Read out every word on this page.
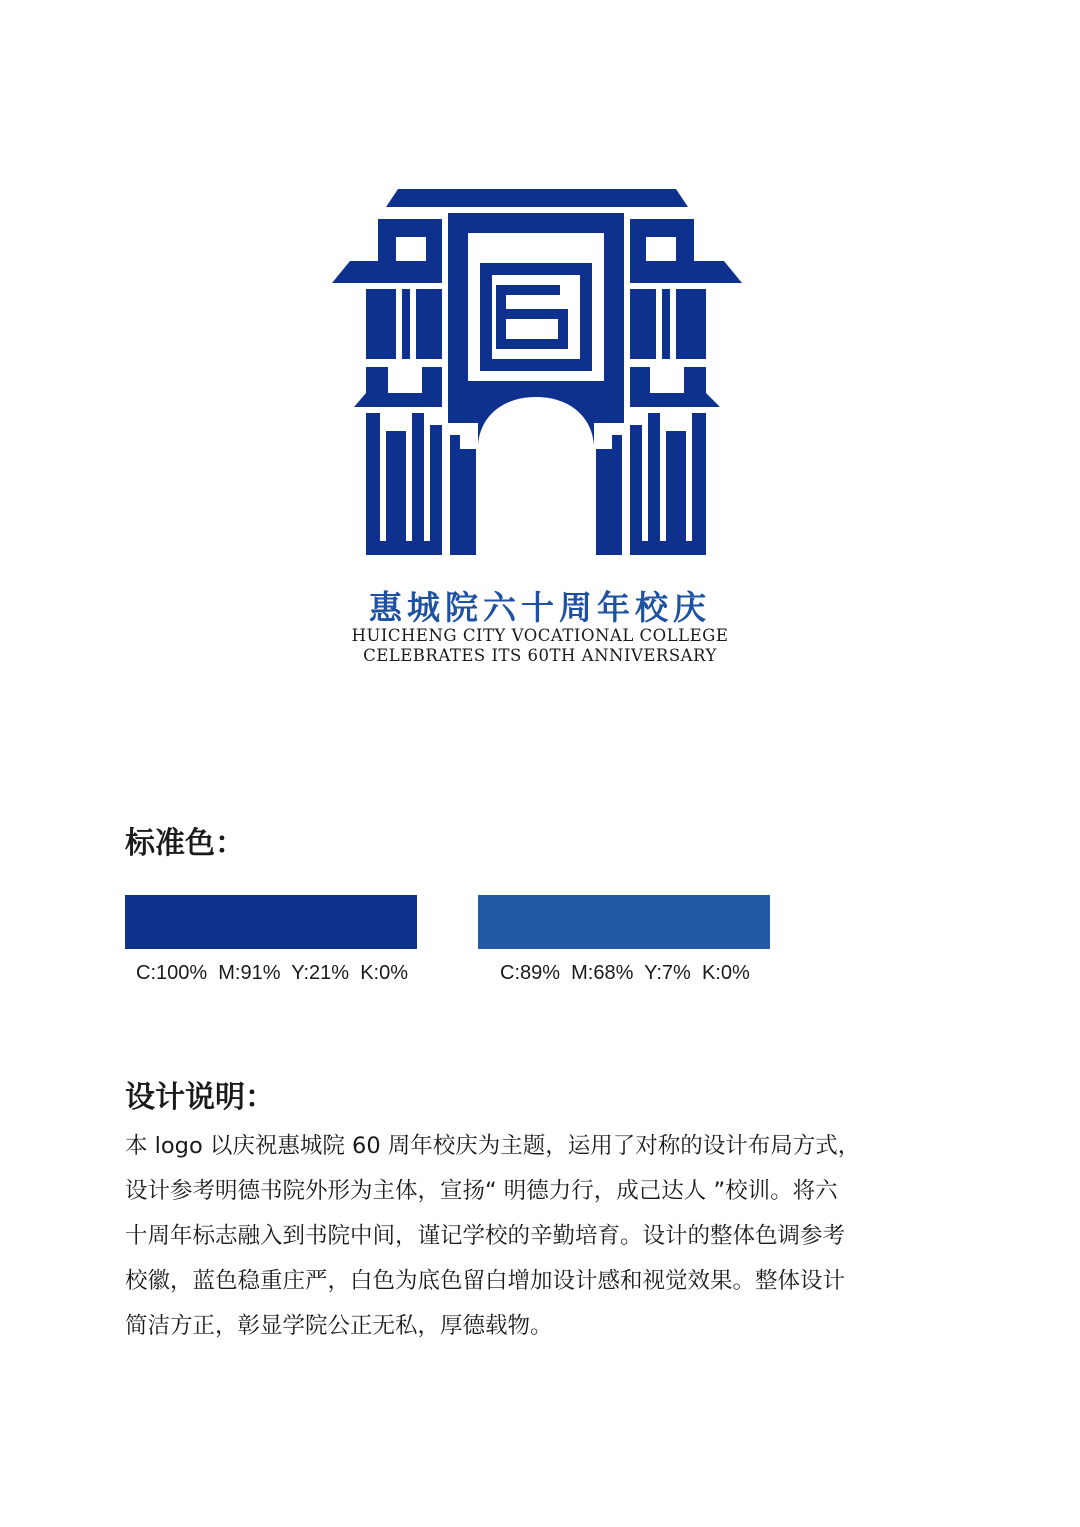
惠城院六十周年校庆

HUICHENG CITY VOCATIONAL COLLEGE

CELEBRATES ITS 60TH ANNIVERSARY

标准色：

C:100%  M:91%  Y:21%  K:0%	C:89%  M:68%  Y:7%  K:0%

设计说明：

本 logo 以庆祝惠城院 60 周年校庆为主题，运用了对称的设计布局方式，
设计参考明德书院外形为主体，宣扬“ 明德力行，成己达人 ”校训。将六
十周年标志融入到书院中间，谨记学校的辛勤培育。设计的整体色调参考
校徽，蓝色稳重庄严，白色为底色留白增加设计感和视觉效果。整体设计
简洁方正，彰显学院公正无私，厚德载物。
